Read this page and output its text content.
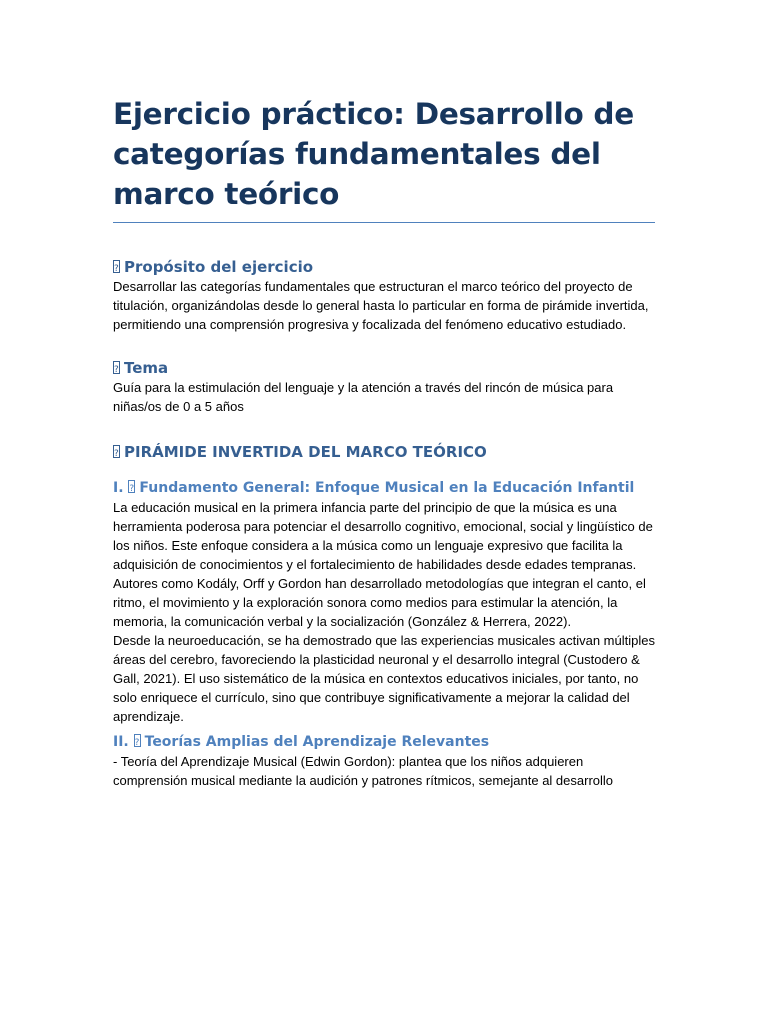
Ejercicio práctico: Desarrollo de categorías fundamentales del marco teórico
?Propósito del ejercicio

Desarrollar las categorías fundamentales que estructuran el marco teórico del proyecto de titulación, organizándolas desde lo general hasta lo particular en forma de pirámide invertida, permitiendo una comprensión progresiva y focalizada del fenómeno educativo estudiado.

?Tema

Guía para la estimulación del lenguaje y la atención a través del rincón de música para niñas/os de 0 a 5 años

?PIRÁMIDE INVERTIDA DEL MARCO TEÓRICO
I. ? Fundamento General: Enfoque Musical en la Educación Infantil

La educación musical en la primera infancia parte del principio de que la música es una herramienta poderosa para potenciar el desarrollo cognitivo, emocional, social y lingüístico de los niños. Este enfoque considera a la música como un lenguaje expresivo que facilita la adquisición de conocimientos y el fortalecimiento de habilidades desde edades tempranas.

Autores como Kodály, Orff y Gordon han desarrollado metodologías que integran el canto, el ritmo, el movimiento y la exploración sonora como medios para estimular la atención, la memoria, la comunicación verbal y la socialización (González & Herrera, 2022).

Desde la neuroeducación, se ha demostrado que las experiencias musicales activan múltiples áreas del cerebro, favoreciendo la plasticidad neuronal y el desarrollo integral (Custodero & Gall, 2021). El uso sistemático de la música en contextos educativos iniciales, por tanto, no solo enriquece el currículo, sino que contribuye significativamente a mejorar la calidad del aprendizaje.

II. ? Teorías Amplias del Aprendizaje Relevantes

- Teoría del Aprendizaje Musical (Edwin Gordon): plantea que los niños adquieren comprensión musical mediante la audición y patrones rítmicos, semejante al desarrollo
